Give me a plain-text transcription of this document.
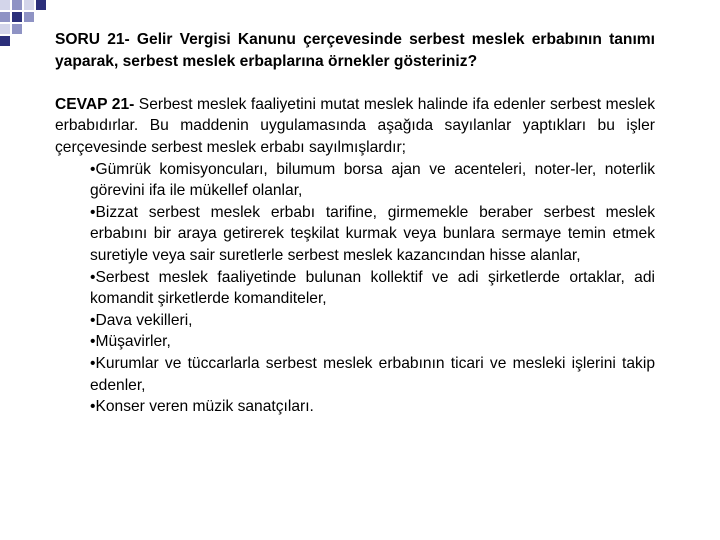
SORU 21- Gelir Vergisi Kanunu çerçevesinde serbest meslek erbabının tanımı yaparak, serbest meslek erbaplarına örnekler gösteriniz?

CEVAP 21- Serbest meslek faaliyetini mutat meslek halinde ifa edenler serbest meslek erbabıdırlar. Bu maddenin uygulamasında aşağıda sayılanlar yaptıkları bu işler çerçevesinde serbest meslek erbabı sayılmışlardır;

•Gümrük komisyoncuları, bilumum borsa ajan ve acenteleri, noter-ler, noterlik görevini ifa ile mükellef olanlar,
•Bizzat serbest meslek erbabı tarifine, girmemekle beraber serbest meslek erbabını bir araya getirerek teşkilat kurmak veya bunlara sermaye temin etmek suretiyle veya sair suretlerle serbest meslek kazancından hisse alanlar,
•Serbest meslek faaliyetinde bulunan kollektif ve adi şirketlerde ortaklar, adi komandit şirketlerde komanditeler,
•Dava vekilleri,
•Müşavirler,
•Kurumlar ve tüccarlarla serbest meslek erbabının ticari ve mesleki işlerini takip edenler,
•Konser veren müzik sanatçıları.
